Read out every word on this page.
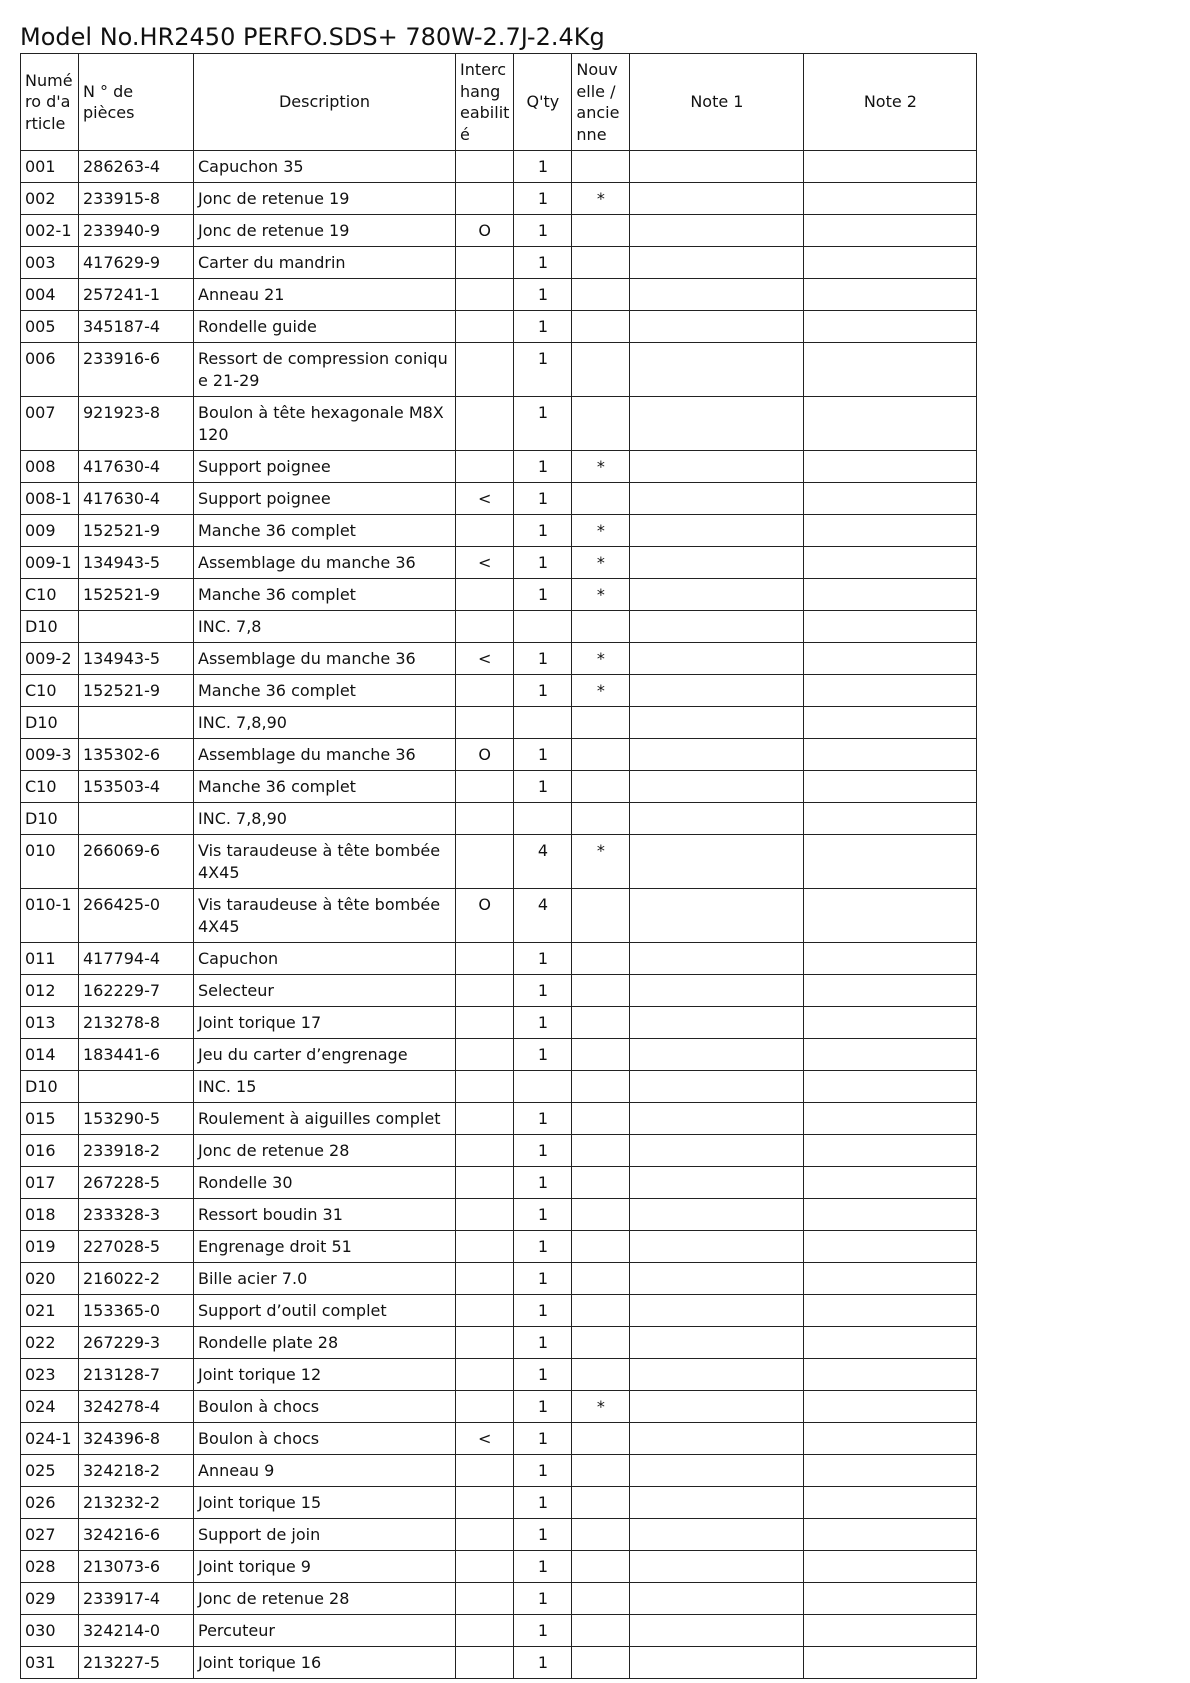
Model No.HR2450 PERFO.SDS+ 780W-2.7J-2.4Kg
Numé ro d'a rticle	N ° de pièces	Description	Interc hang eabilit é	Q'ty	Nouv elle / ancie nne	Note 1	Note 2
001	286263-4	Capuchon 35		1			
002	233915-8	Jonc de retenue 19		1	*		
002-1	233940-9	Jonc de retenue 19	O	1			
003	417629-9	Carter du mandrin		1			
004	257241-1	Anneau 21		1			
005	345187-4	Rondelle guide		1			
006	233916-6	Ressort de compression conique 21-29		1			
007	921923-8	Boulon à tête hexagonale M8X120		1			
008	417630-4	Support poignee		1	*		
008-1	417630-4	Support poignee	<	1			
009	152521-9	Manche 36 complet		1	*		
009-1	134943-5	Assemblage du manche 36	<	1	*		
C10	152521-9	Manche 36 complet		1	*		
D10		INC. 7,8					
009-2	134943-5	Assemblage du manche 36	<	1	*		
C10	152521-9	Manche 36 complet		1	*		
D10		INC. 7,8,90					
009-3	135302-6	Assemblage du manche 36	O	1			
C10	153503-4	Manche 36 complet		1			
D10		INC. 7,8,90					
010	266069-6	Vis taraudeuse à tête bombée 4X45		4	*		
010-1	266425-0	Vis taraudeuse à tête bombée 4X45	O	4			
011	417794-4	Capuchon		1			
012	162229-7	Selecteur		1			
013	213278-8	Joint torique 17		1			
014	183441-6	Jeu du carter d’engrenage		1			
D10		INC. 15					
015	153290-5	Roulement à aiguilles complet		1			
016	233918-2	Jonc de retenue 28		1			
017	267228-5	Rondelle 30		1			
018	233328-3	Ressort boudin 31		1			
019	227028-5	Engrenage droit 51		1			
020	216022-2	Bille acier 7.0		1			
021	153365-0	Support d’outil complet		1			
022	267229-3	Rondelle plate 28		1			
023	213128-7	Joint torique 12		1			
024	324278-4	Boulon à chocs		1	*		
024-1	324396-8	Boulon à chocs	<	1			
025	324218-2	Anneau 9		1			
026	213232-2	Joint torique 15		1			
027	324216-6	Support de join		1			
028	213073-6	Joint torique 9		1			
029	233917-4	Jonc de retenue 28		1			
030	324214-0	Percuteur		1			
031	213227-5	Joint torique 16		1			
